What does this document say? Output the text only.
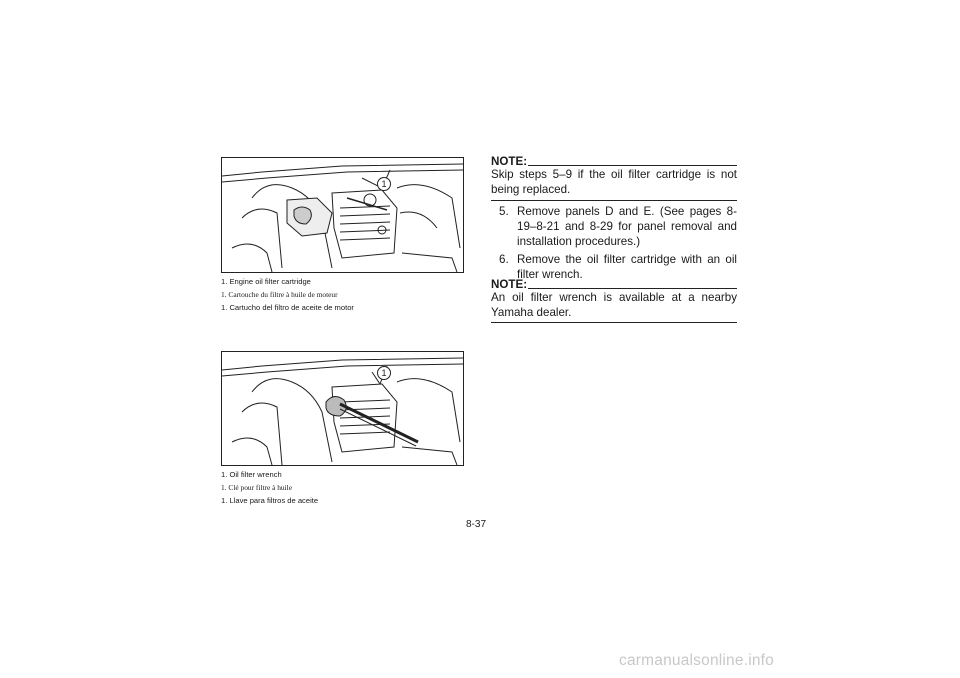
1
1. Engine oil filter cartridge
1. Cartouche du filtre à huile de moteur
1. Cartucho del filtro de aceite de motor
1
1. Oil filter wrench
1. Clé pour filtre à huile
1. Llave para filtros de aceite
NOTE:
Skip steps 5–9 if the oil filter cartridge is not being replaced.
5. Remove panels D and E. (See pages 8-19–8-21 and 8-29 for panel removal and installation procedures.)
6. Remove the oil filter cartridge with an oil filter wrench.
NOTE:
An oil filter wrench is available at a nearby Yamaha dealer.
8-37
carmanualsonline.info
